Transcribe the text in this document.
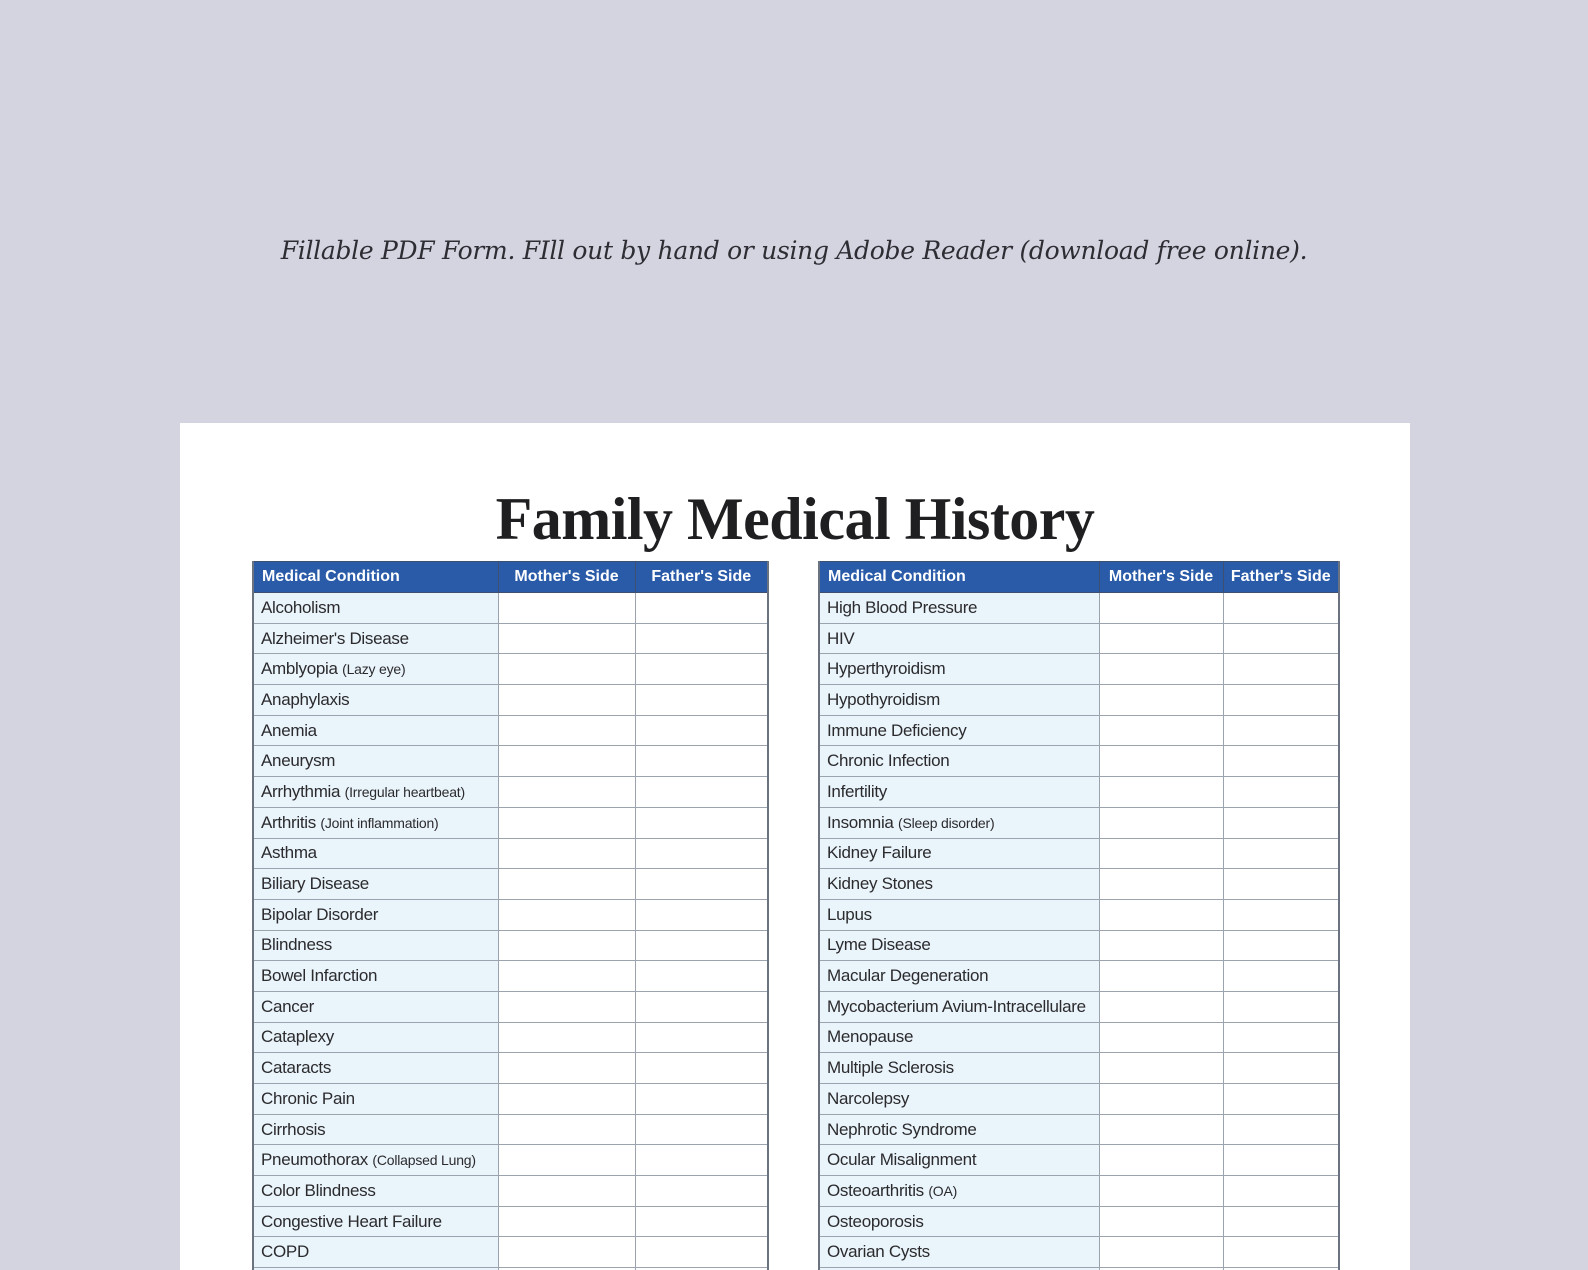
Fillable PDF Form. FIll out by hand or using Adobe Reader (download free online).
Family Medical History
Medical Condition	Mother's Side	Father's Side
Alcoholism		
Alzheimer's Disease		
Amblyopia (Lazy eye)		
Anaphylaxis		
Anemia		
Aneurysm		
Arrhythmia (Irregular heartbeat)		
Arthritis (Joint inflammation)		
Asthma		
Biliary Disease		
Bipolar Disorder		
Blindness		
Bowel Infarction		
Cancer		
Cataplexy		
Cataracts		
Chronic Pain		
Cirrhosis		
Pneumothorax (Collapsed Lung)		
Color Blindness		
Congestive Heart Failure		
COPD		

Medical Condition	Mother's Side	Father's Side
High Blood Pressure		
HIV		
Hyperthyroidism		
Hypothyroidism		
Immune Deficiency		
Chronic Infection		
Infertility		
Insomnia (Sleep disorder)		
Kidney Failure		
Kidney Stones		
Lupus		
Lyme Disease		
Macular Degeneration		
Mycobacterium Avium-Intracellulare		
Menopause		
Multiple Sclerosis		
Narcolepsy		
Nephrotic Syndrome		
Ocular Misalignment		
Osteoarthritis (OA)		
Osteoporosis		
Ovarian Cysts		
